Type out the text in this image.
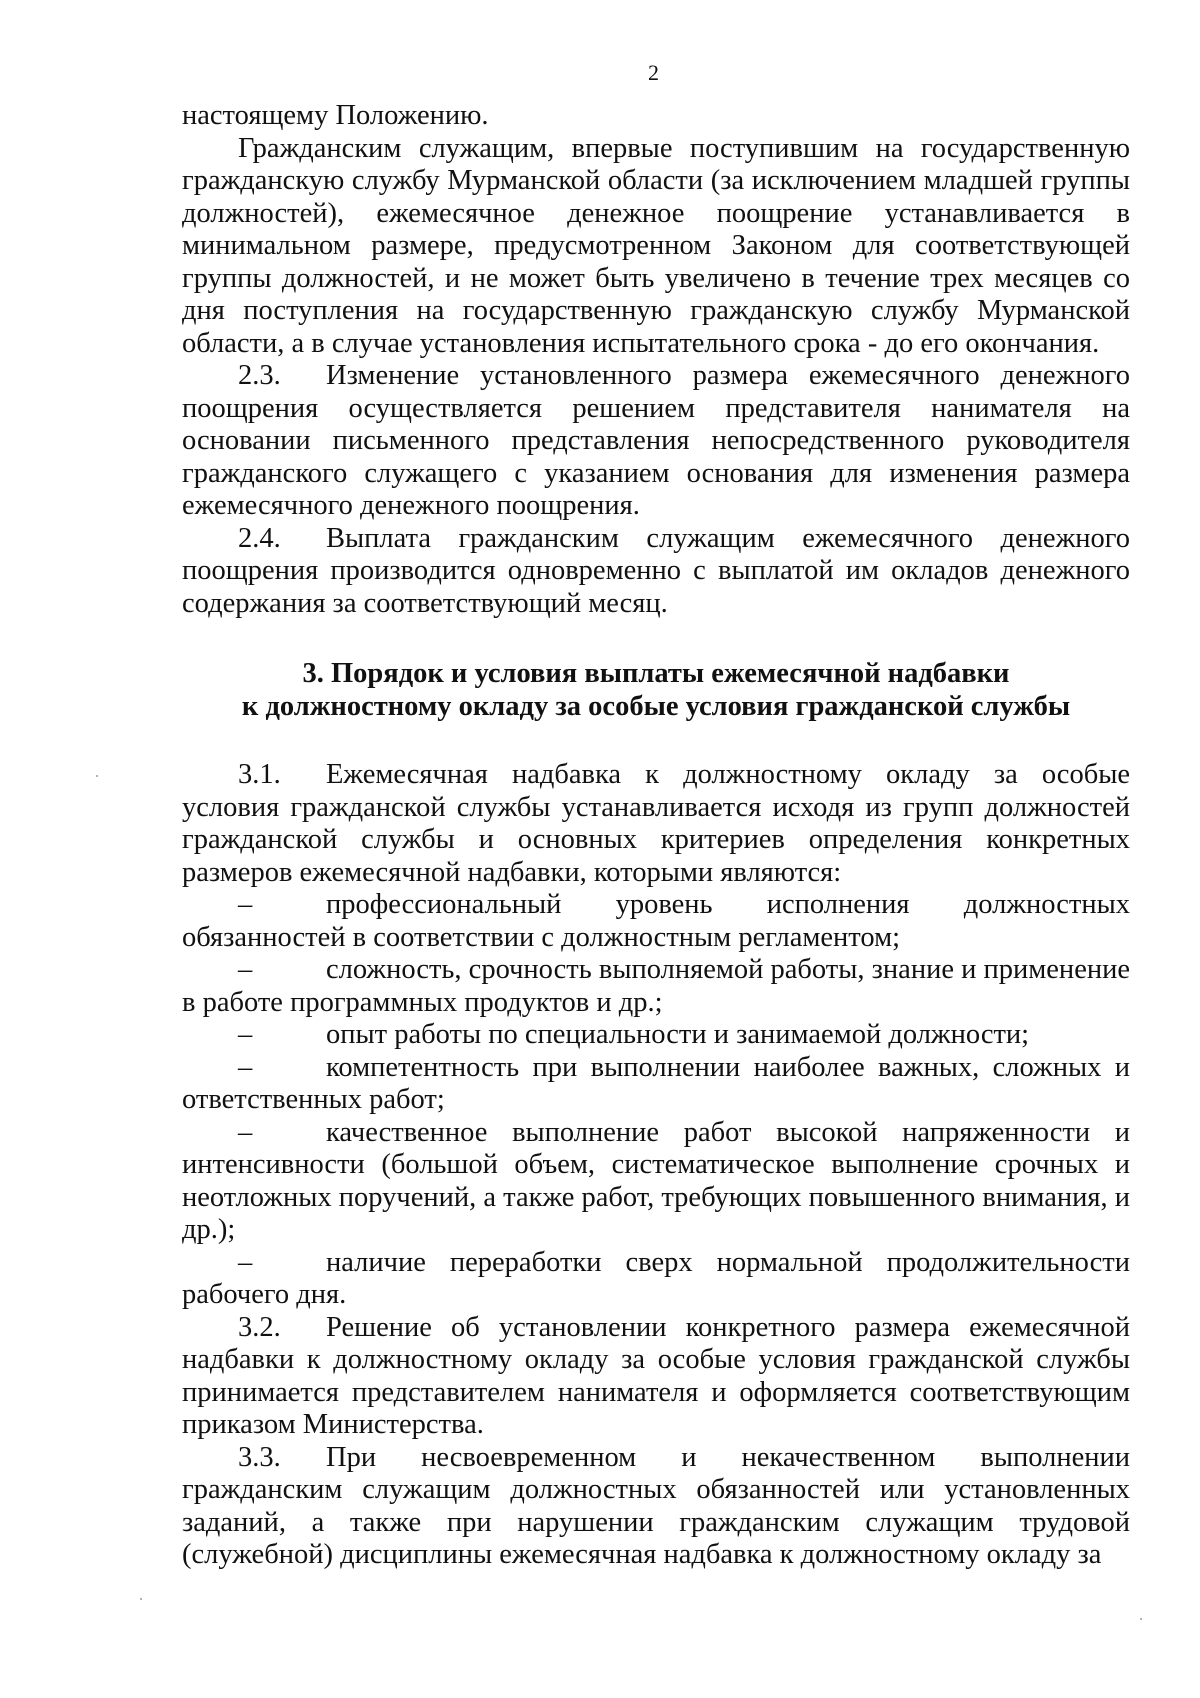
2

настоящему Положению.

Гражданским служащим, впервые поступившим на государственную гражданскую службу Мурманской области (за исключением младшей группы должностей), ежемесячное денежное поощрение устанавливается в минимальном размере, предусмотренном Законом для соответствующей группы должностей, и не может быть увеличено в течение трех месяцев со дня поступления на государственную гражданскую службу Мурманской области, а в случае установления испытательного срока - до его окончания.

2.3. Изменение установленного размера ежемесячного денежного поощрения осуществляется решением представителя нанимателя на основании письменного представления непосредственного руководителя гражданского служащего с указанием основания для изменения размера ежемесячного денежного поощрения.

2.4. Выплата гражданским служащим ежемесячного денежного поощрения производится одновременно с выплатой им окладов денежного содержания за соответствующий месяц.

3. Порядок и условия выплаты ежемесячной надбавки
к должностному окладу за особые условия гражданской службы

3.1. Ежемесячная надбавка к должностному окладу за особые условия гражданской службы устанавливается исходя из групп должностей гражданской службы и основных критериев определения конкретных размеров ежемесячной надбавки, которыми являются:

–	профессиональный уровень исполнения должностных обязанностей в соответствии с должностным регламентом;

–	сложность, срочность выполняемой работы, знание и применение в работе программных продуктов и др.;

–	опыт работы по специальности и занимаемой должности;

–	компетентность при выполнении наиболее важных, сложных и ответственных работ;

–	качественное выполнение работ высокой напряженности и интенсивности (большой объем, систематическое выполнение срочных и неотложных поручений, а также работ, требующих повышенного внимания, и др.);

–	наличие переработки сверх нормальной продолжительности рабочего дня.

3.2. Решение об установлении конкретного размера ежемесячной надбавки к должностному окладу за особые условия гражданской службы принимается представителем нанимателя и оформляется соответствующим приказом Министерства.

3.3. При несвоевременном и некачественном выполнении гражданским служащим должностных обязанностей или установленных заданий, а также при нарушении гражданским служащим трудовой (служебной) дисциплины ежемесячная надбавка к должностному окладу за
